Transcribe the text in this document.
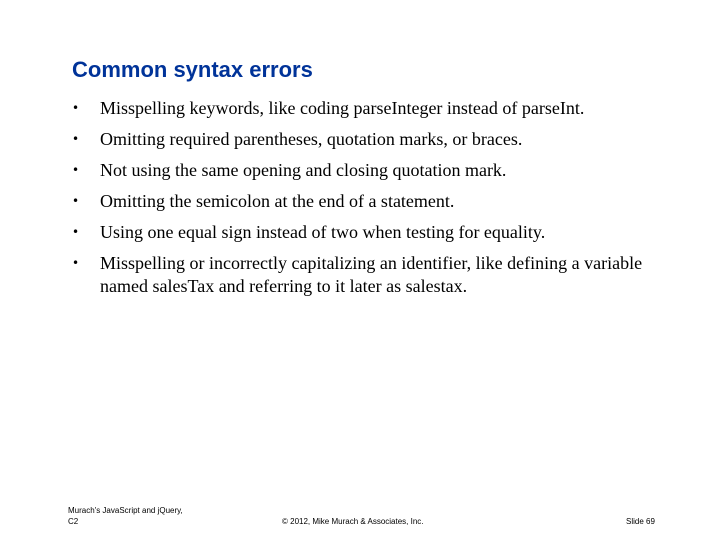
Common syntax errors
•	Misspelling keywords, like coding parseInteger instead of parseInt.
•	Omitting required parentheses, quotation marks, or braces.
•	Not using the same opening and closing quotation mark.
•	Omitting the semicolon at the end of a statement.
•	Using one equal sign instead of two when testing for equality.
•	Misspelling or incorrectly capitalizing an identifier, like defining a variable named salesTax and referring to it later as salestax.
Murach's JavaScript and jQuery,
C2	© 2012, Mike Murach & Associates, Inc.	Slide 69
